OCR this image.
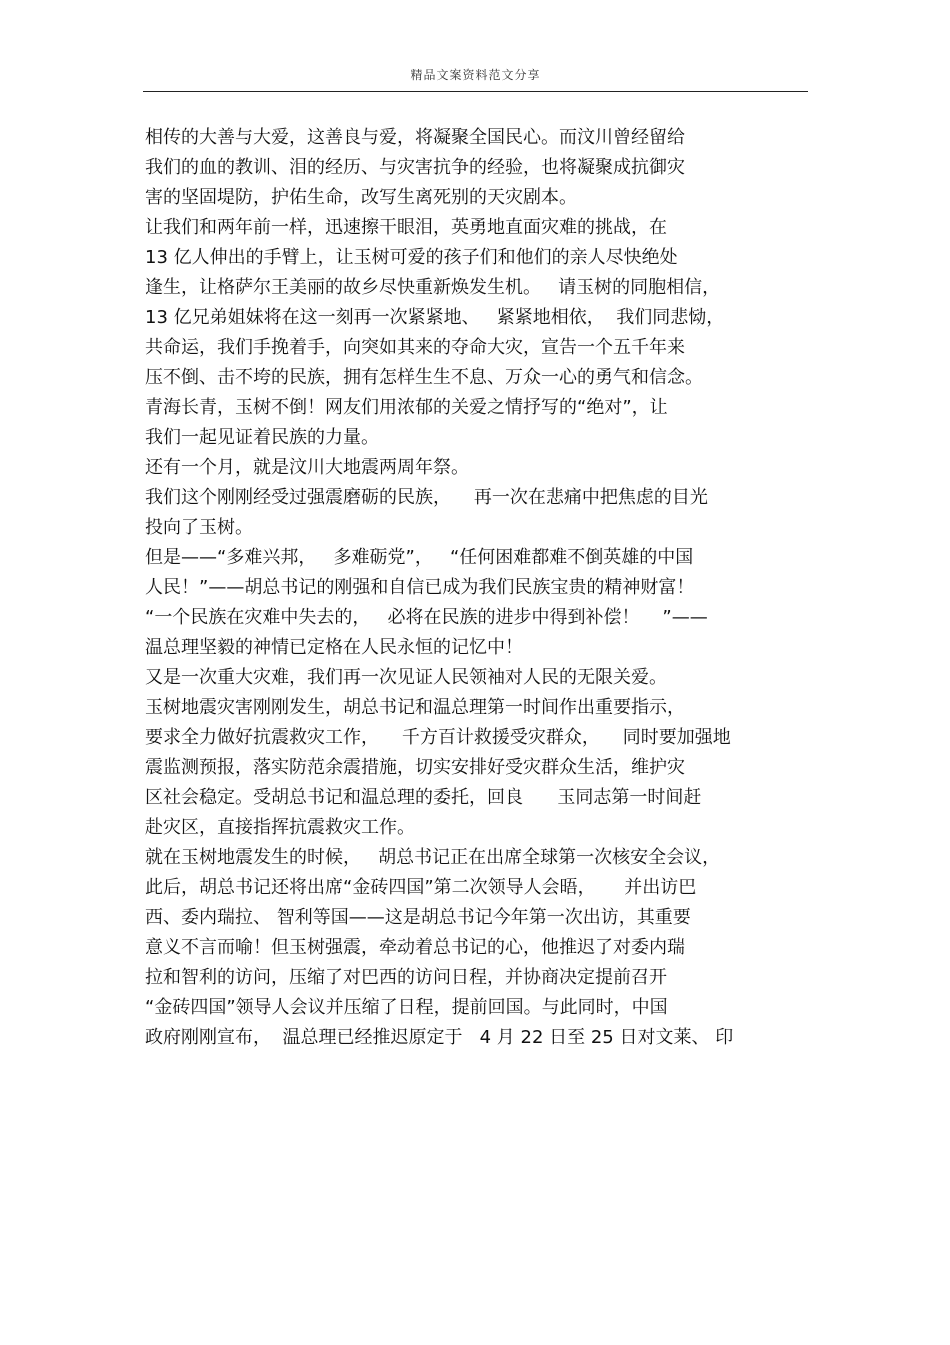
精品文案资料范文分享
相传的大善与大爱，这善良与爱，将凝聚全国民心。而汶川曾经留给
我们的血的教训、泪的经历、与灾害抗争的经验，也将凝聚成抗御灾
害的坚固堤防，护佑生命，改写生离死别的天灾剧本。
让我们和两年前一样，迅速擦干眼泪，英勇地直面灾难的挑战，在
13 亿人伸出的手臂上，让玉树可爱的孩子们和他们的亲人尽快绝处
逢生，让格萨尔王美丽的故乡尽快重新焕发生机。   请玉树的同胞相信，
13 亿兄弟姐妹将在这一刻再一次紧紧地、   紧紧地相依，  我们同悲恸，
共命运，我们手挽着手，向突如其来的夺命大灾，宣告一个五千年来
压不倒、击不垮的民族，拥有怎样生生不息、万众一心的勇气和信念。
青海长青，玉树不倒！网友们用浓郁的关爱之情抒写的“绝对”，让
我们一起见证着民族的力量。
还有一个月，就是汶川大地震两周年祭。
我们这个刚刚经受过强震磨砺的民族，    再一次在悲痛中把焦虑的目光
投向了玉树。
但是——“多难兴邦，   多难砺党”，   “任何困难都难不倒英雄的中国
人民！”——胡总书记的刚强和自信已成为我们民族宝贵的精神财富！
“一个民族在灾难中失去的，   必将在民族的进步中得到补偿！    ”——
温总理坚毅的神情已定格在人民永恒的记忆中！
又是一次重大灾难，我们再一次见证人民领袖对人民的无限关爱。
玉树地震灾害刚刚发生，胡总书记和温总理第一时间作出重要指示，
要求全力做好抗震救灾工作，    千方百计救援受灾群众，    同时要加强地
震监测预报，落实防范余震措施，切实安排好受灾群众生活，维护灾
区社会稳定。受胡总书记和温总理的委托，回良      玉同志第一时间赶
赴灾区，直接指挥抗震救灾工作。
就在玉树地震发生的时候，   胡总书记正在出席全球第一次核安全会议，
此后，胡总书记还将出席“金砖四国”第二次领导人会晤，     并出访巴
西、委内瑞拉、 智利等国——这是胡总书记今年第一次出访，其重要
意义不言而喻！但玉树强震，牵动着总书记的心，他推迟了对委内瑞
拉和智利的访问，压缩了对巴西的访问日程，并协商决定提前召开
“金砖四国”领导人会议并压缩了日程，提前回国。与此同时，中国
政府刚刚宣布，  温总理已经推迟原定于   4 月 22 日至 25 日对文莱、 印
